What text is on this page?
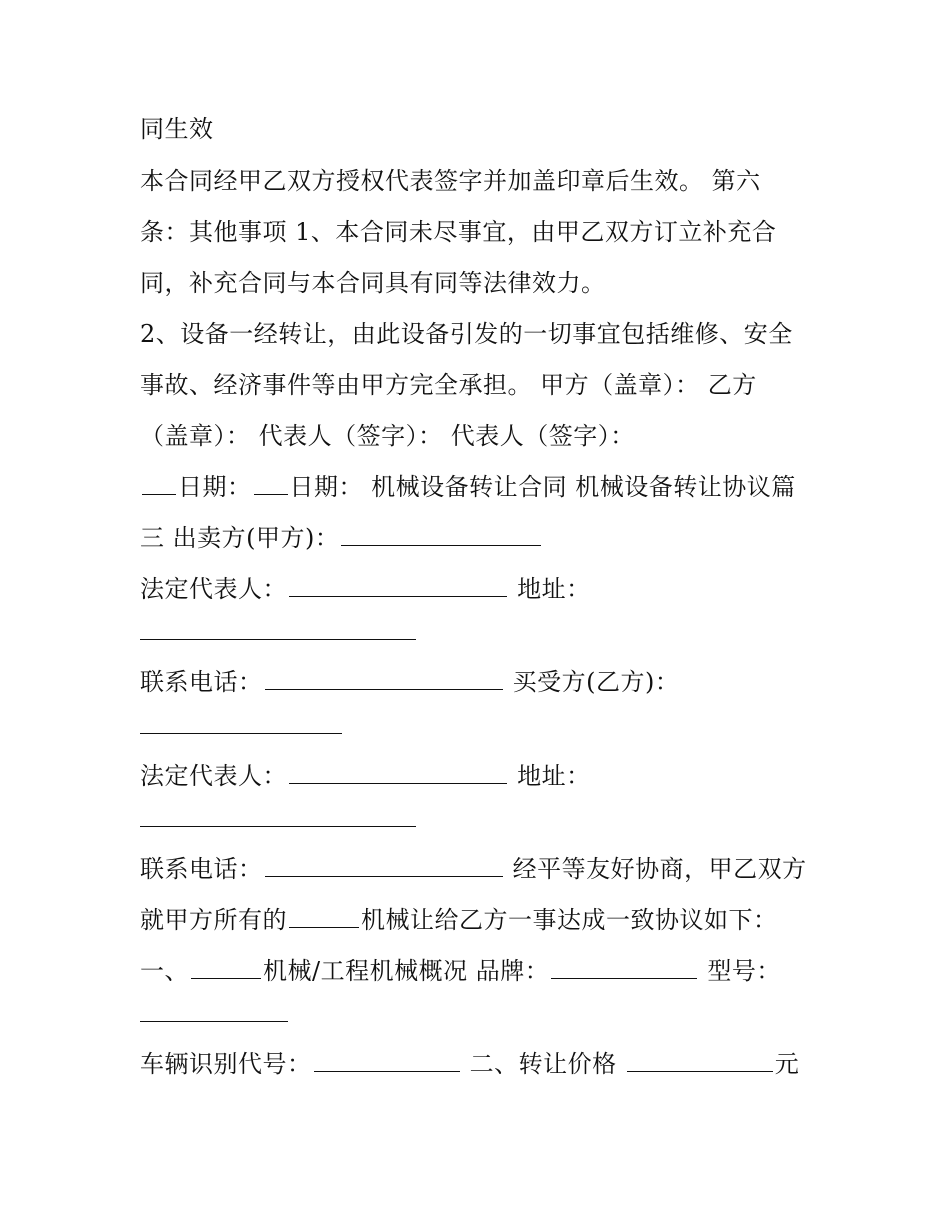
同生效
本合同经甲乙双方授权代表签字并加盖印章后生效。 第六
条：其他事项 1、本合同未尽事宜，由甲乙双方订立补充合
同，补充合同与本合同具有同等法律效力。
2、设备一经转让，由此设备引发的一切事宜包括维修、安全
事故、经济事件等由甲方完全承担。 甲方（盖章）： 乙方
（盖章）： 代表人（签字）： 代表人（签字）：
日期： 日期： 机械设备转让合同 机械设备转让协议篇
三 出卖方(甲方)：
法定代表人：	地址：
联系电话：	买受方(乙方)：
法定代表人：	地址：
联系电话：	经平等友好协商，甲乙双方
就甲方所有的	机械让给乙方一事达成一致协议如下：
一、	机械/工程机械概况 品牌：	型号：
车辆识别代号：	二、转让价格	元
